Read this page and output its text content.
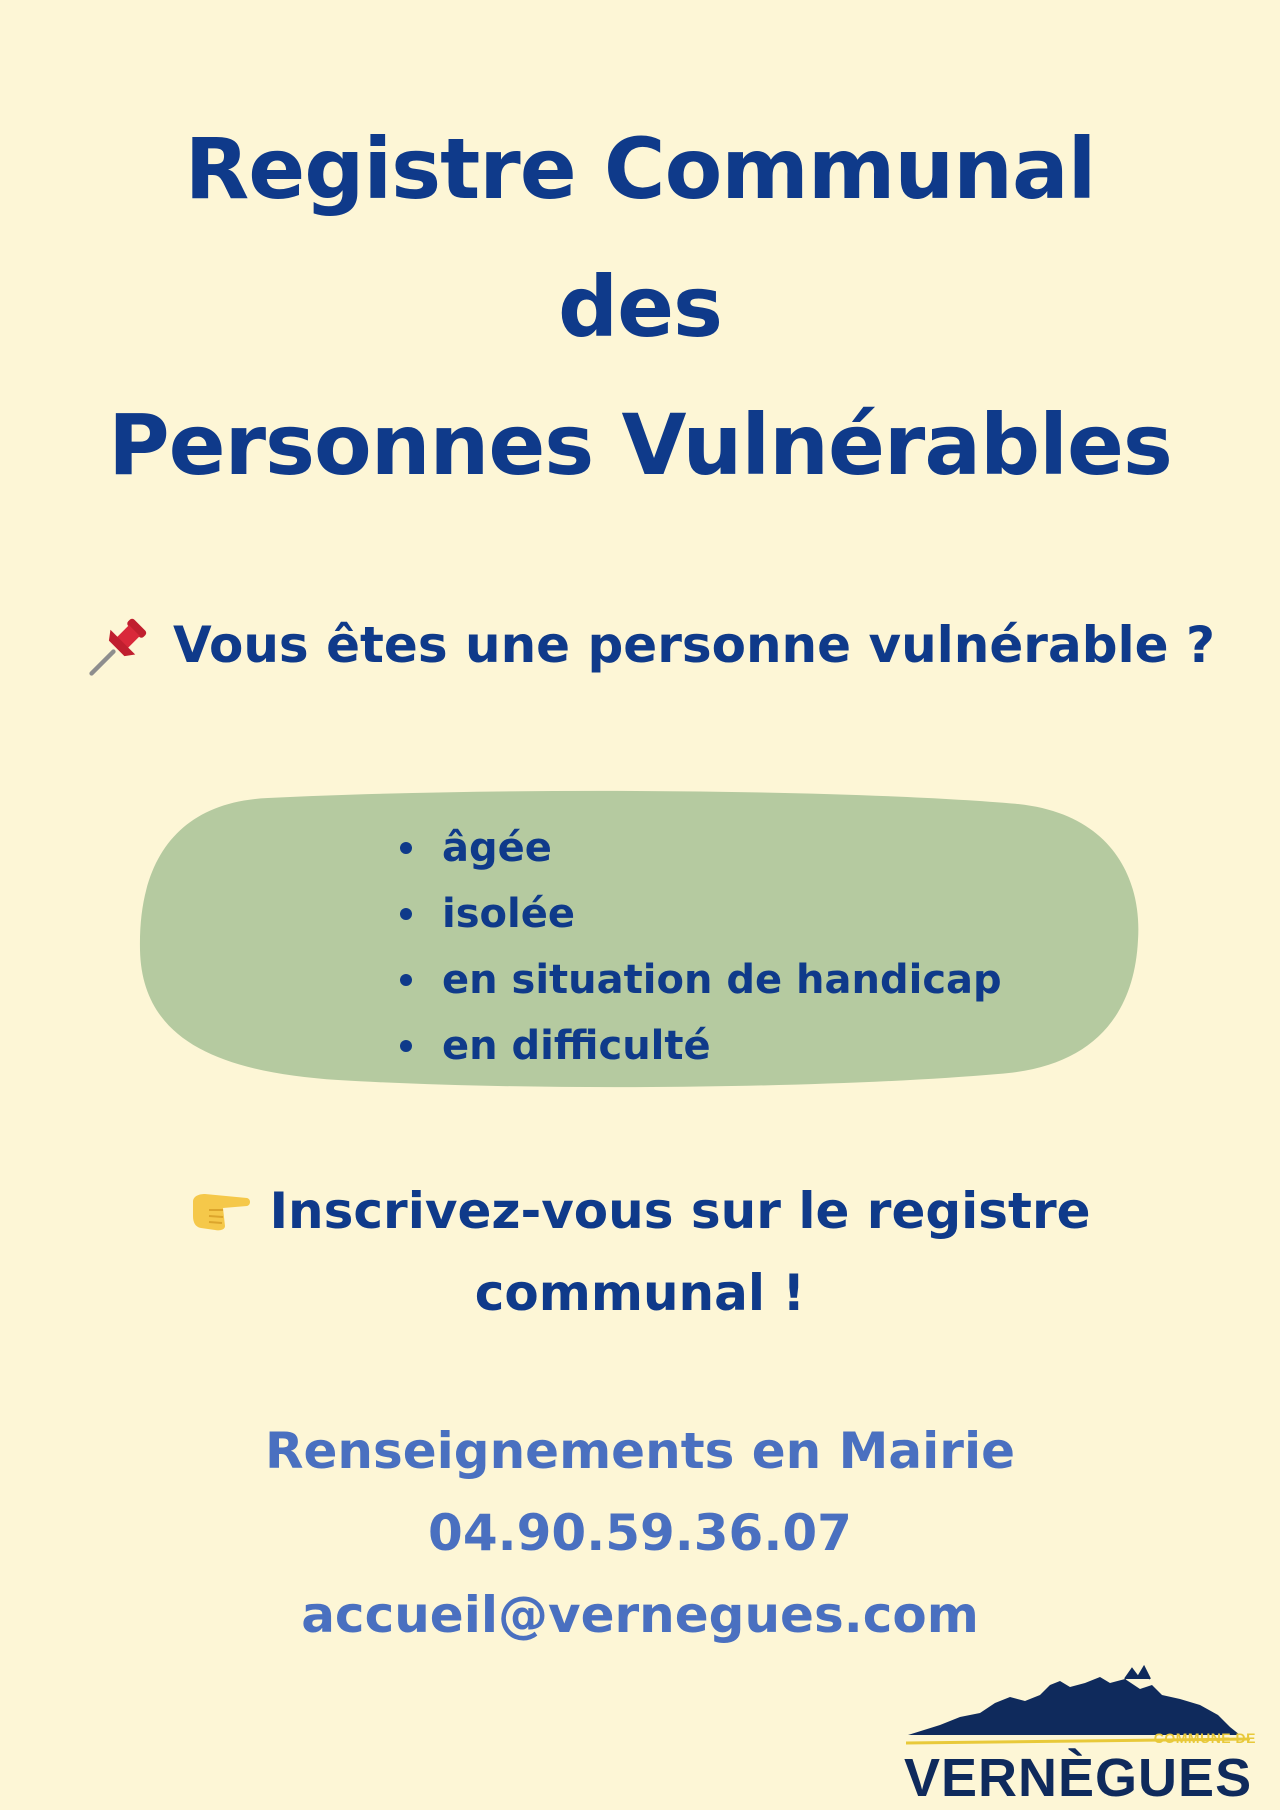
Registre Communal
des
Personnes Vulnérables
Vous êtes une personne vulnérable ?
âgée
isolée
en situation de handicap
en difficulté
Inscrivez-vous sur le registre
communal !
Renseignements en Mairie
04.90.59.36.07
accueil@vernegues.com
COMMUNE DE
VERNÈGUES
